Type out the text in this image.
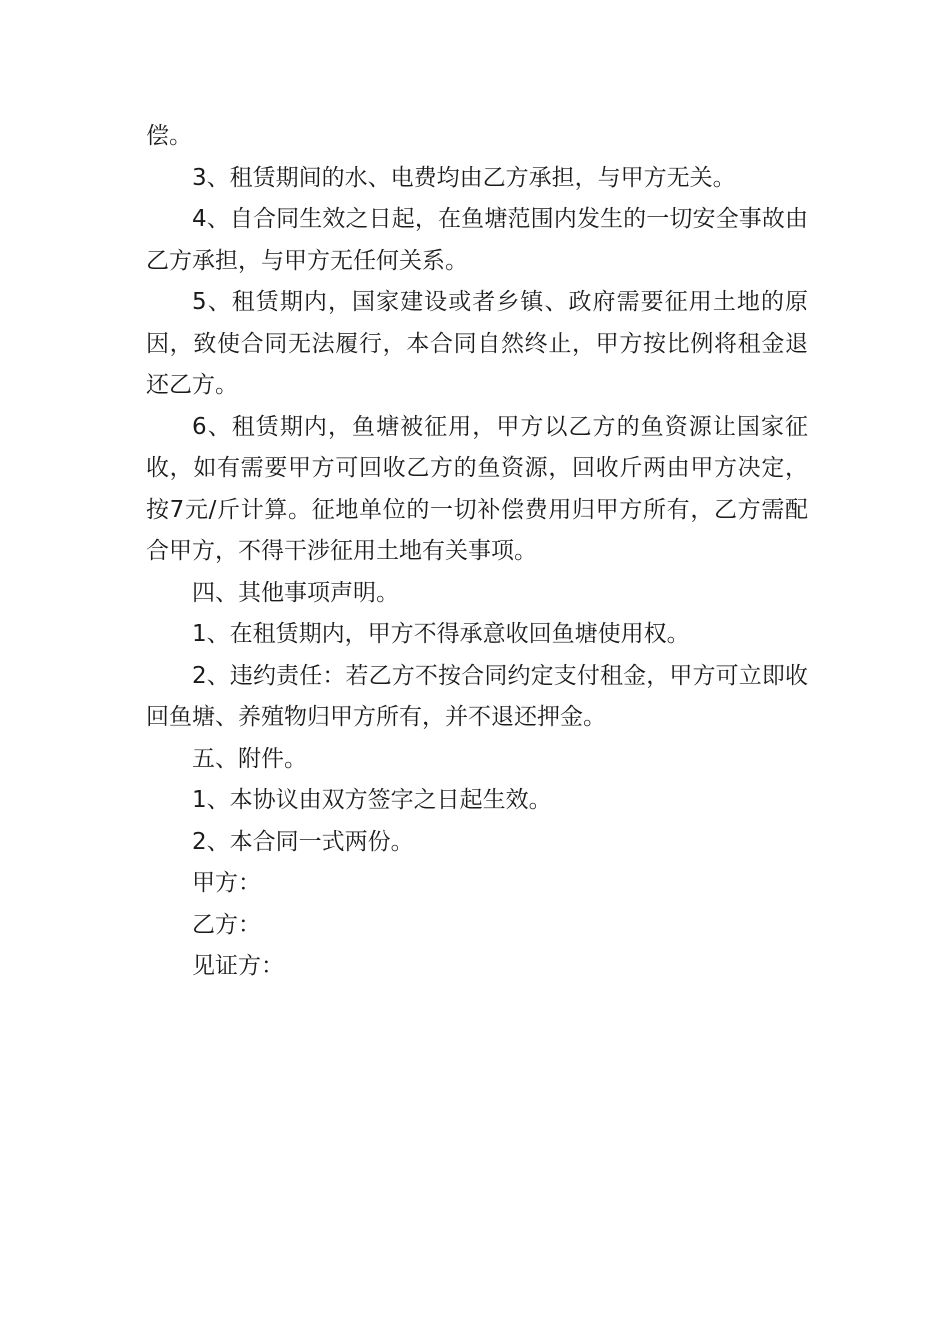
偿。

3、租赁期间的水、电费均由乙方承担，与甲方无关。

4、自合同生效之日起，在鱼塘范围内发生的一切安全事故由乙方承担，与甲方无任何关系。

5、租赁期内，国家建设或者乡镇、政府需要征用土地的原因，致使合同无法履行，本合同自然终止，甲方按比例将租金退还乙方。

6、租赁期内，鱼塘被征用，甲方以乙方的鱼资源让国家征收，如有需要甲方可回收乙方的鱼资源，回收斤两由甲方决定，按7元/斤计算。征地单位的一切补偿费用归甲方所有，乙方需配合甲方，不得干涉征用土地有关事项。

四、其他事项声明。

1、在租赁期内，甲方不得承意收回鱼塘使用权。

2、违约责任：若乙方不按合同约定支付租金，甲方可立即收回鱼塘、养殖物归甲方所有，并不退还押金。

五、附件。

1、本协议由双方签字之日起生效。

2、本合同一式两份。

甲方：

乙方：

见证方：
